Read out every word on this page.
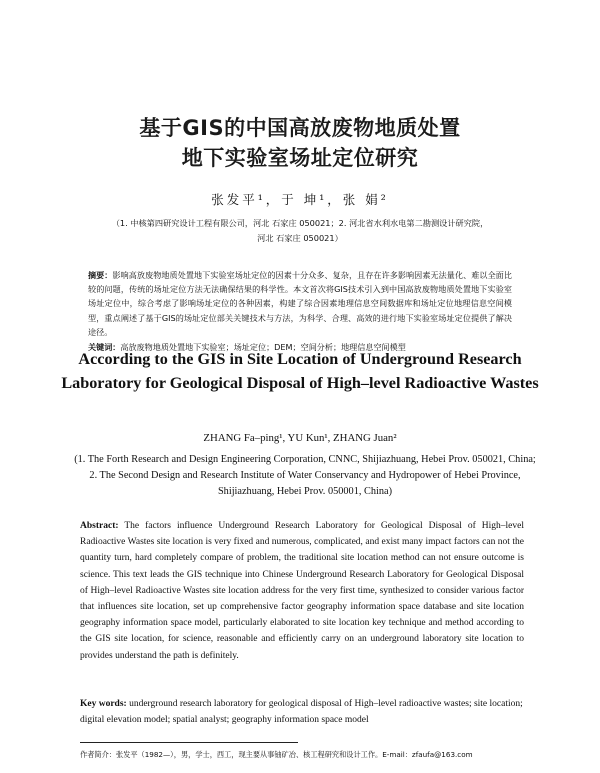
基于GIS的中国高放废物地质处置
地下实验室场址定位研究
张发平¹，于 坤¹，张 娟²
（1. 中核第四研究设计工程有限公司，河北 石家庄 050021；2. 河北省水利水电第二勘测设计研究院，
河北 石家庄 050021）
摘要：影响高放废物地质处置地下实验室场址定位的因素十分众多、复杂，且存在许多影响因素无法量化、难以全面比较的问题，传统的场址定位方法无法确保结果的科学性。本文首次将GIS技术引入到中国高放废物地质处置地下实验室场址定位中，综合考虑了影响场址定位的各种因素，构建了综合因素地理信息空间数据库和场址定位地理信息空间模型，重点阐述了基于GIS的场址定位部关关键技术与方法，为科学、合理、高效的进行地下实验室场址定位提供了解决途径。
关键词：高放废物地质处置地下实验室；场址定位；DEM；空间分析；地理信息空间模型
According to the GIS in Site Location of Underground Research
Laboratory for Geological Disposal of High–level Radioactive Wastes
ZHANG Fa–ping¹, YU Kun¹, ZHANG Juan²
(1. The Forth Research and Design Engineering Corporation, CNNC, Shijiazhuang, Hebei Prov. 050021, China; 2. The Second Design and Research Institute of Water Conservancy and Hydropower of Hebei Province, Shijiazhuang, Hebei Prov. 050001, China)
Abstract: The factors influence Underground Research Laboratory for Geological Disposal of High–level Radioactive Wastes site location is very fixed and numerous, complicated, and exist many impact factors can not the quantity turn, hard completely compare of problem, the traditional site location method can not ensure outcome is science. This text leads the GIS technique into Chinese Underground Research Laboratory for Geological Disposal of High–level Radioactive Wastes site location address for the very first time, synthesized to consider various factor that influences site location, set up comprehensive factor geography information space database and site location geography information space model, particularly elaborated to site location key technique and method according to the GIS site location, for science, reasonable and efficiently carry on an underground laboratory site location to provides understand the path is definitely.
Key words: underground research laboratory for geological disposal of High–level radioactive wastes; site location; digital elevation model; spatial analyst; geography information space model
作者简介：张发平（1982—），男，学士，西工，现主要从事铀矿冶、核工程研究和设计工作。E-mail：zfaufa@163.com
